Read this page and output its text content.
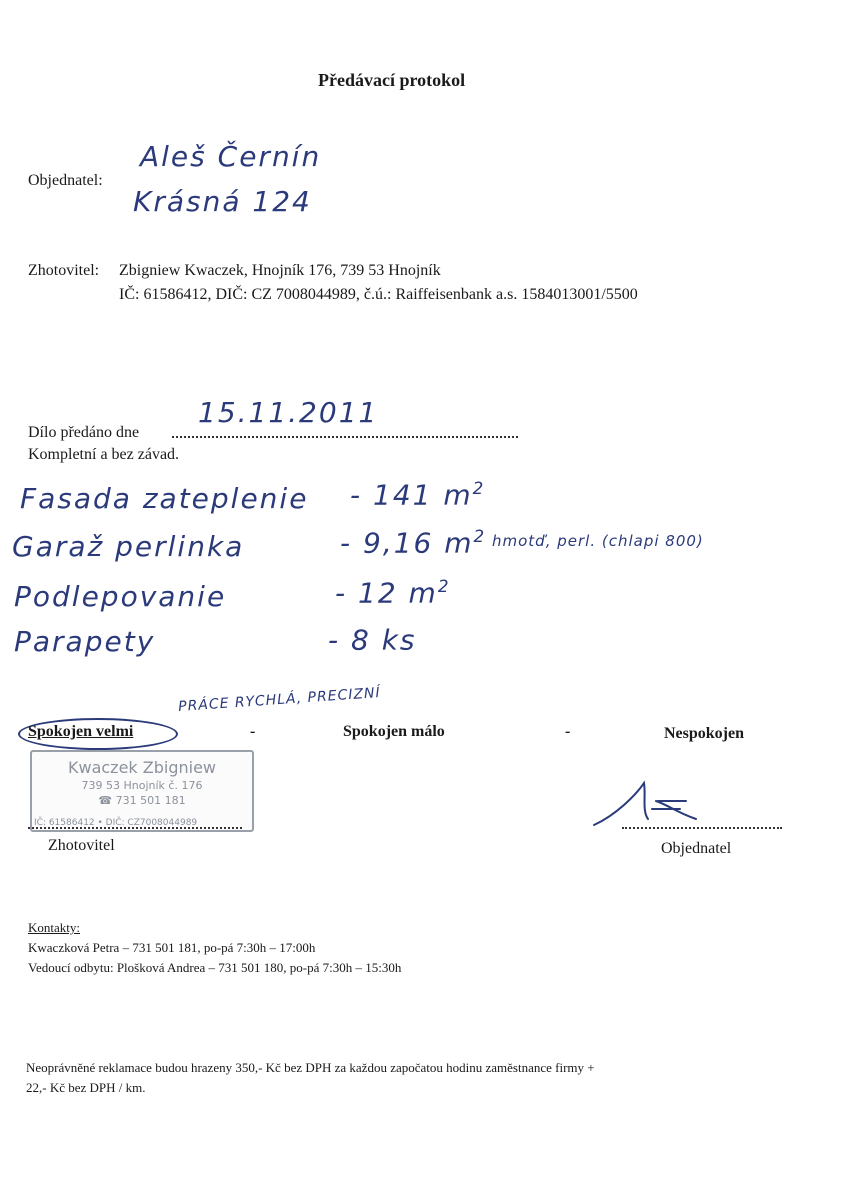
Předávací protokol
Objednatel:
Aleš Černín
Krásná 124
Zhotovitel: Zbigniew Kwaczek, Hnojník 176, 739 53 Hnojník
IČ: 61586412, DIČ: CZ 7008044989, č.ú.: Raiffeisenbank a.s. 1584013001/5500
Dílo předáno dne
15.11.2011
Kompletní a bez závad.
Fasada zateplenie - 141 $m^2$
Garaž perlinka	- 9,16 $m^2$ hmotď, perl. (chlapi 800)
Podlepovanie	- 12 $m^2$
Parapety	- 8 ks
PRÁCE RYCHLÁ, PRECIZNÍ
Spokojen velmi	-	Spokojen málo	-	Nespokojen
Kwaczek Zbigniew
739 53 Hnojník č. 176
☎ 731 501 181
IČ: 61586412 • DIČ: CZ7008044989
Zhotovitel	Objednatel
Kontakty:
Kwaczková Petra – 731 501 181, po-pá 7:30h – 17:00h
Vedoucí odbytu: Plošková Andrea – 731 501 180, po-pá 7:30h – 15:30h
Neoprávněné reklamace budou hrazeny 350,- Kč bez DPH za každou započatou hodinu zaměstnance firmy +
22,- Kč bez DPH / km.
